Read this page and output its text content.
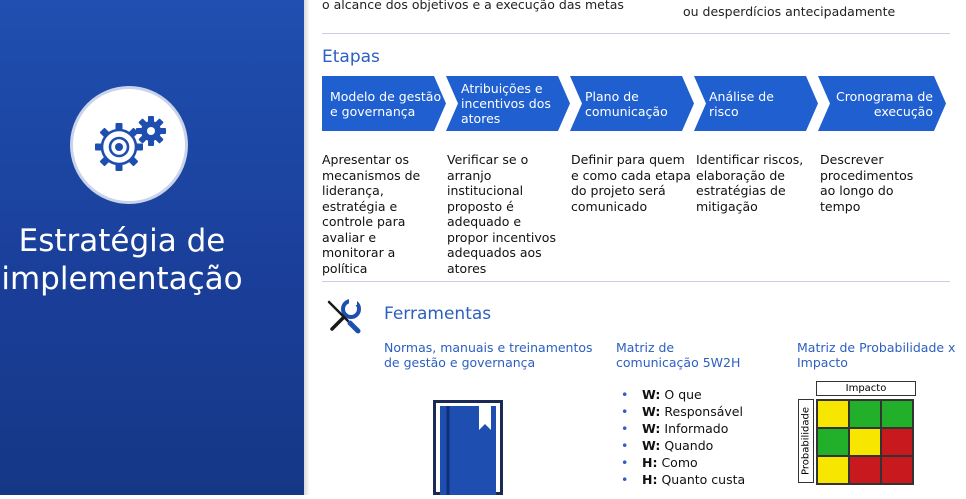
Estratégia de
implementação
o alcance dos objetivos e a execução das metas	ou desperdícios antecipadamente
Etapas
Modelo de gestão e governança
Atribuições e incentivos dos atores
Plano de comunicação
Análise de risco
Cronograma de execução
Apresentar os mecanismos de liderança, estratégia e controle para avaliar e monitorar a política
Verificar se o arranjo institucional proposto é adequado e propor incentivos adequados aos atores
Definir para quem e como cada etapa do projeto será comunicado
Identificar riscos, elaboração de estratégias de mitigação
Descrever procedimentos ao longo do tempo
Ferramentas
Normas, manuais e treinamentos de gestão e governança
Matriz de comunicação 5W2H
Matriz de Probabilidade x Impacto
• W: O que
• W: Responsável
• W: Informado
• W: Quando
• H: Como
• H: Quanto custa
Impacto
Probabilidade
